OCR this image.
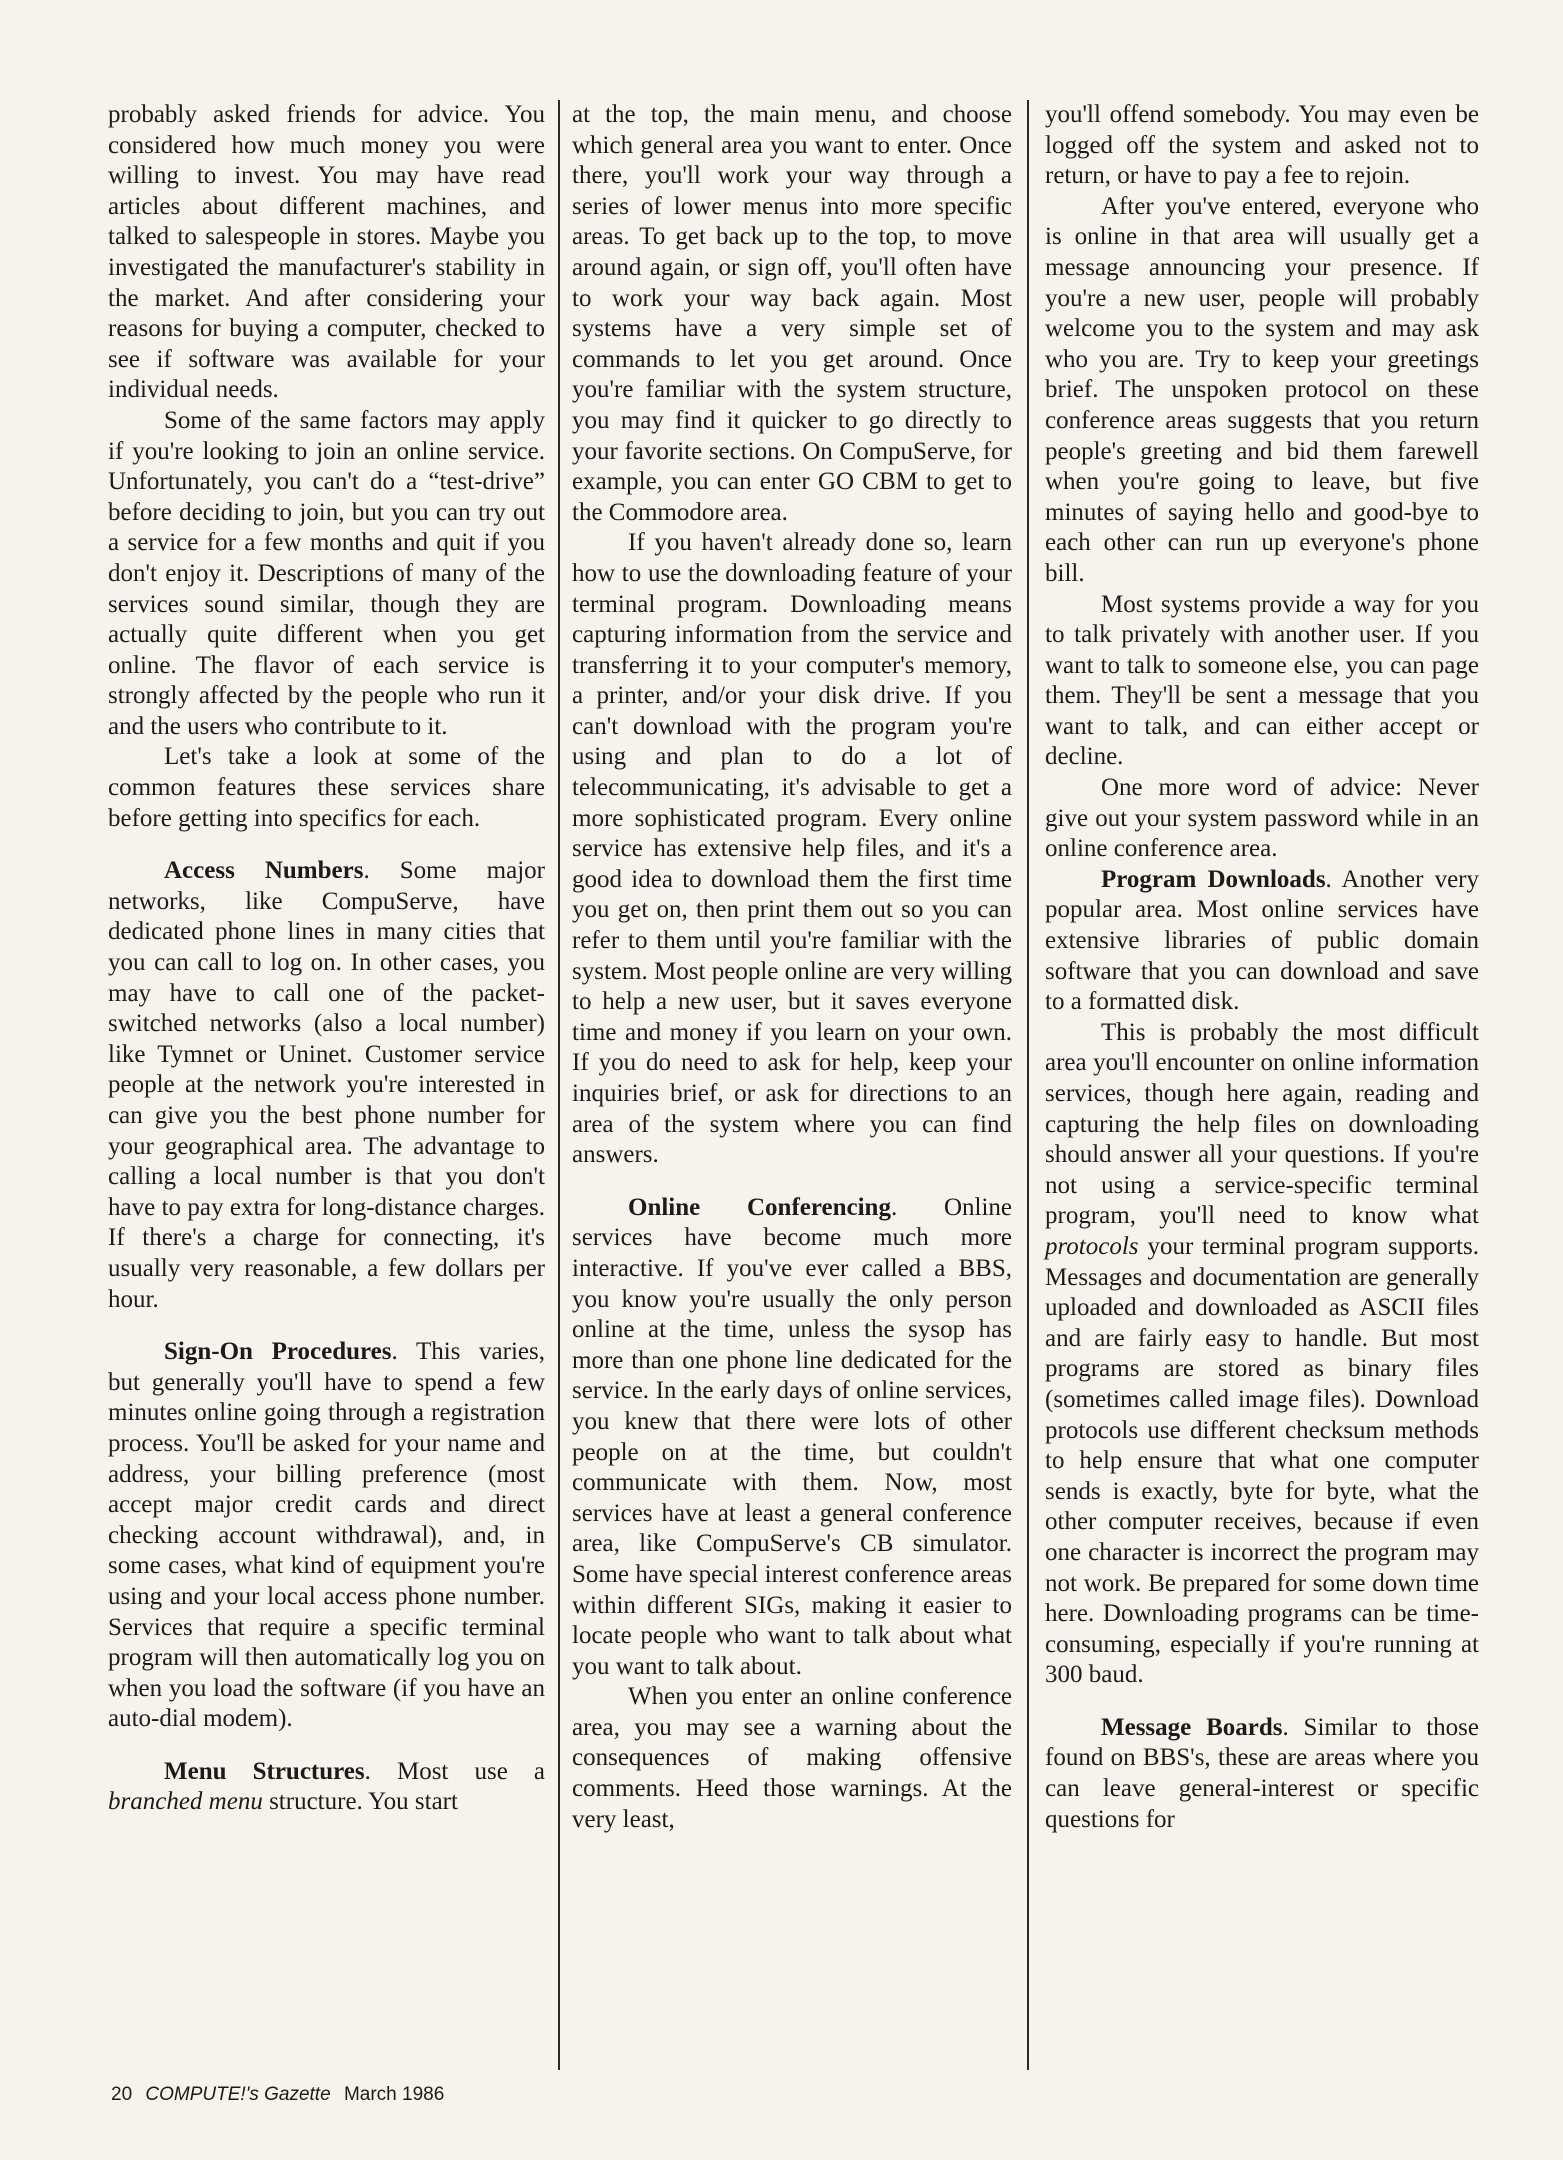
probably asked friends for advice. You considered how much money you were willing to invest. You may have read articles about different machines, and talked to salespeople in stores. Maybe you investigated the manufacturer's stability in the market. And after considering your reasons for buying a computer, checked to see if software was available for your individual needs.

Some of the same factors may apply if you're looking to join an online service. Unfortunately, you can't do a “test-drive” before deciding to join, but you can try out a service for a few months and quit if you don't enjoy it. Descriptions of many of the services sound similar, though they are actually quite different when you get online. The flavor of each service is strongly affected by the people who run it and the users who contribute to it.

Let's take a look at some of the common features these services share before getting into specifics for each.

Access Numbers. Some major networks, like CompuServe, have dedicated phone lines in many cities that you can call to log on. In other cases, you may have to call one of the packet-switched networks (also a local number) like Tymnet or Uninet. Customer service people at the network you're interested in can give you the best phone number for your geographical area. The advantage to calling a local number is that you don't have to pay extra for long-distance charges. If there's a charge for connecting, it's usually very reasonable, a few dollars per hour.

Sign-On Procedures. This varies, but generally you'll have to spend a few minutes online going through a registration process. You'll be asked for your name and address, your billing preference (most accept major credit cards and direct checking account withdrawal), and, in some cases, what kind of equipment you're using and your local access phone number. Services that require a specific terminal program will then automatically log you on when you load the software (if you have an auto-dial modem).

Menu Structures. Most use a branched menu structure. You start

at the top, the main menu, and choose which general area you want to enter. Once there, you'll work your way through a series of lower menus into more specific areas. To get back up to the top, to move around again, or sign off, you'll often have to work your way back again. Most systems have a very simple set of commands to let you get around. Once you're familiar with the system structure, you may find it quicker to go directly to your favorite sections. On CompuServe, for example, you can enter GO CBM to get to the Commodore area.

If you haven't already done so, learn how to use the downloading feature of your terminal program. Downloading means capturing information from the service and transferring it to your computer's memory, a printer, and/or your disk drive. If you can't download with the program you're using and plan to do a lot of telecommunicating, it's advisable to get a more sophisticated program. Every online service has extensive help files, and it's a good idea to download them the first time you get on, then print them out so you can refer to them until you're familiar with the system. Most people online are very willing to help a new user, but it saves everyone time and money if you learn on your own. If you do need to ask for help, keep your inquiries brief, or ask for directions to an area of the system where you can find answers.

Online Conferencing. Online services have become much more interactive. If you've ever called a BBS, you know you're usually the only person online at the time, unless the sysop has more than one phone line dedicated for the service. In the early days of online services, you knew that there were lots of other people on at the time, but couldn't communicate with them. Now, most services have at least a general conference area, like CompuServe's CB simulator. Some have special interest conference areas within different SIGs, making it easier to locate people who want to talk about what you want to talk about.

When you enter an online conference area, you may see a warning about the consequences of making offensive comments. Heed those warnings. At the very least,

you'll offend somebody. You may even be logged off the system and asked not to return, or have to pay a fee to rejoin.

After you've entered, everyone who is online in that area will usually get a message announcing your presence. If you're a new user, people will probably welcome you to the system and may ask who you are. Try to keep your greetings brief. The unspoken protocol on these conference areas suggests that you return people's greeting and bid them farewell when you're going to leave, but five minutes of saying hello and good-bye to each other can run up everyone's phone bill.

Most systems provide a way for you to talk privately with another user. If you want to talk to someone else, you can page them. They'll be sent a message that you want to talk, and can either accept or decline.

One more word of advice: Never give out your system password while in an online conference area.

Program Downloads. Another very popular area. Most online services have extensive libraries of public domain software that you can download and save to a formatted disk.

This is probably the most difficult area you'll encounter on online information services, though here again, reading and capturing the help files on downloading should answer all your questions. If you're not using a service-specific terminal program, you'll need to know what protocols your terminal program supports. Messages and documentation are generally uploaded and downloaded as ASCII files and are fairly easy to handle. But most programs are stored as binary files (sometimes called image files). Download protocols use different checksum methods to help ensure that what one computer sends is exactly, byte for byte, what the other computer receives, because if even one character is incorrect the program may not work. Be prepared for some down time here. Downloading programs can be time-consuming, especially if you're running at 300 baud.

Message Boards. Similar to those found on BBS's, these are areas where you can leave general-interest or specific questions for

20 COMPUTE!'s Gazette March 1986
